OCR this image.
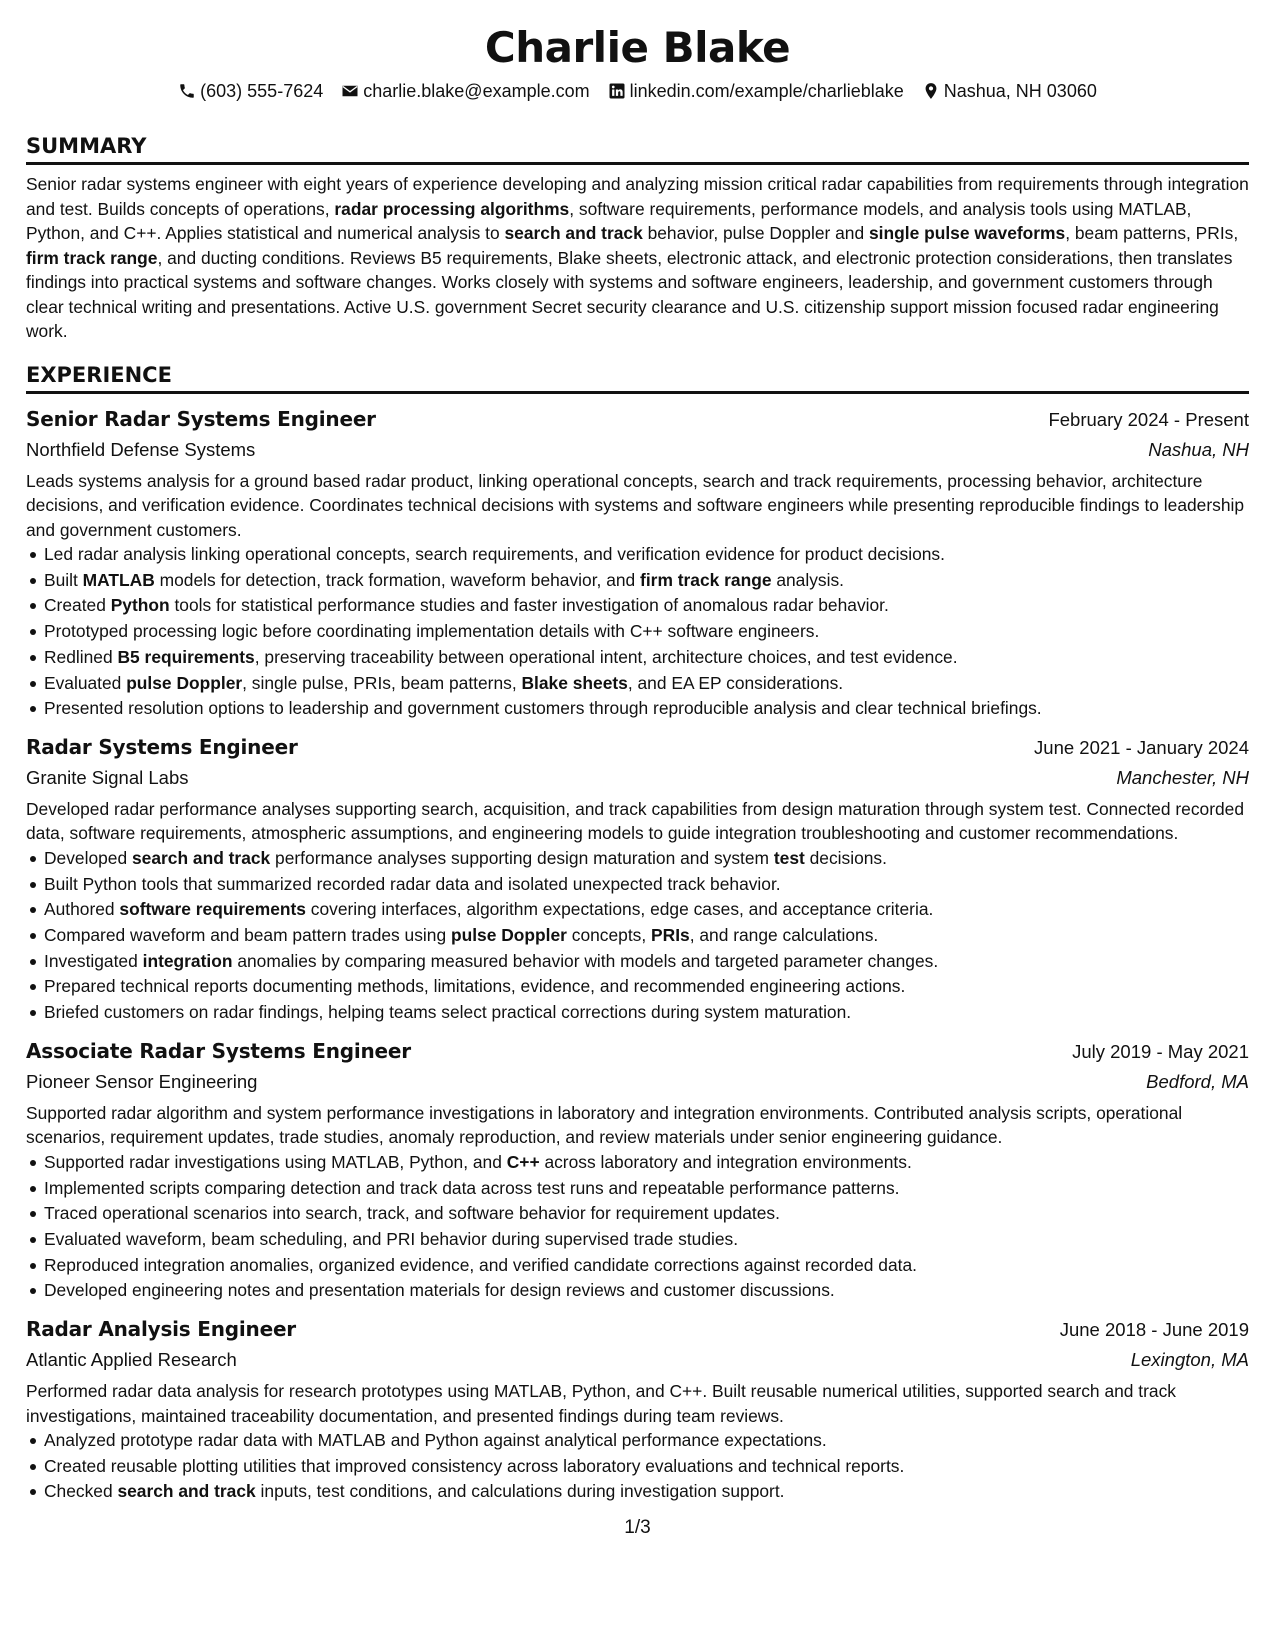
Charlie Blake
(603) 555-7624 charlie.blake@example.com linkedin.com/example/charlieblake Nashua, NH 03060
SUMMARY
Senior radar systems engineer with eight years of experience developing and analyzing mission critical radar capabilities from requirements through integration and test. Builds concepts of operations, radar processing algorithms, software requirements, performance models, and analysis tools using MATLAB, Python, and C++. Applies statistical and numerical analysis to search and track behavior, pulse Doppler and single pulse waveforms, beam patterns, PRIs, firm track range, and ducting conditions. Reviews B5 requirements, Blake sheets, electronic attack, and electronic protection considerations, then translates findings into practical systems and software changes. Works closely with systems and software engineers, leadership, and government customers through clear technical writing and presentations. Active U.S. government Secret security clearance and U.S. citizenship support mission focused radar engineering work.
EXPERIENCE
Senior Radar Systems Engineer	February 2024 - Present
Northfield Defense Systems	Nashua, NH
Leads systems analysis for a ground based radar product, linking operational concepts, search and track requirements, processing behavior, architecture decisions, and verification evidence. Coordinates technical decisions with systems and software engineers while presenting reproducible findings to leadership and government customers.
Led radar analysis linking operational concepts, search requirements, and verification evidence for product decisions.
Built MATLAB models for detection, track formation, waveform behavior, and firm track range analysis.
Created Python tools for statistical performance studies and faster investigation of anomalous radar behavior.
Prototyped processing logic before coordinating implementation details with C++ software engineers.
Redlined B5 requirements, preserving traceability between operational intent, architecture choices, and test evidence.
Evaluated pulse Doppler, single pulse, PRIs, beam patterns, Blake sheets, and EA EP considerations.
Presented resolution options to leadership and government customers through reproducible analysis and clear technical briefings.
Radar Systems Engineer	June 2021 - January 2024
Granite Signal Labs	Manchester, NH
Developed radar performance analyses supporting search, acquisition, and track capabilities from design maturation through system test. Connected recorded data, software requirements, atmospheric assumptions, and engineering models to guide integration troubleshooting and customer recommendations.
Developed search and track performance analyses supporting design maturation and system test decisions.
Built Python tools that summarized recorded radar data and isolated unexpected track behavior.
Authored software requirements covering interfaces, algorithm expectations, edge cases, and acceptance criteria.
Compared waveform and beam pattern trades using pulse Doppler concepts, PRIs, and range calculations.
Investigated integration anomalies by comparing measured behavior with models and targeted parameter changes.
Prepared technical reports documenting methods, limitations, evidence, and recommended engineering actions.
Briefed customers on radar findings, helping teams select practical corrections during system maturation.
Associate Radar Systems Engineer	July 2019 - May 2021
Pioneer Sensor Engineering	Bedford, MA
Supported radar algorithm and system performance investigations in laboratory and integration environments. Contributed analysis scripts, operational scenarios, requirement updates, trade studies, anomaly reproduction, and review materials under senior engineering guidance.
Supported radar investigations using MATLAB, Python, and C++ across laboratory and integration environments.
Implemented scripts comparing detection and track data across test runs and repeatable performance patterns.
Traced operational scenarios into search, track, and software behavior for requirement updates.
Evaluated waveform, beam scheduling, and PRI behavior during supervised trade studies.
Reproduced integration anomalies, organized evidence, and verified candidate corrections against recorded data.
Developed engineering notes and presentation materials for design reviews and customer discussions.
Radar Analysis Engineer	June 2018 - June 2019
Atlantic Applied Research	Lexington, MA
Performed radar data analysis for research prototypes using MATLAB, Python, and C++. Built reusable numerical utilities, supported search and track investigations, maintained traceability documentation, and presented findings during team reviews.
Analyzed prototype radar data with MATLAB and Python against analytical performance expectations.
Created reusable plotting utilities that improved consistency across laboratory evaluations and technical reports.
Checked search and track inputs, test conditions, and calculations during investigation support.
1/3
